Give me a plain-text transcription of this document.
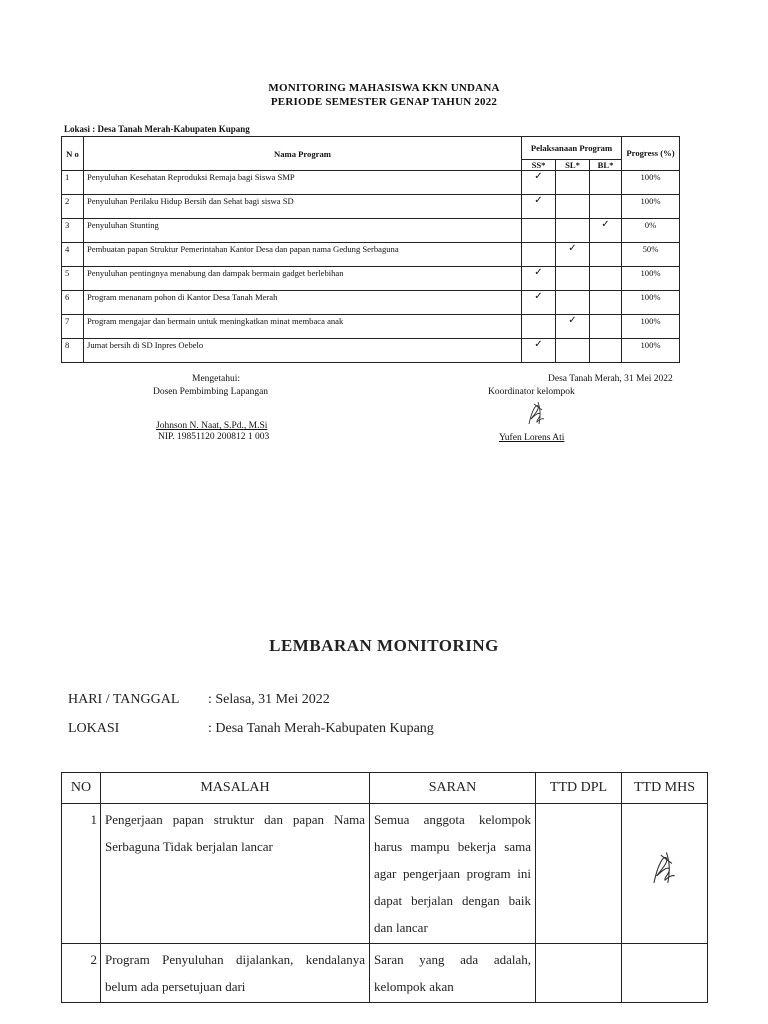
MONITORING MAHASISWA KKN UNDANA
PERIODE SEMESTER GENAP TAHUN 2022
Lokasi : Desa Tanah Merah-Kabupaten Kupang
N o	Nama Program	Pelaksanaan Program			Progress (%)
		SS*	SL*	BL*	
1	Penyuluhan Kesehatan Reproduksi Remaja bagi Siswa SMP	✓			100%
2	Penyuluhan Perilaku Hidup Bersih dan Sehat bagi siswa SD	✓			100%
3	Penyuluhan Stunting			✓	0%
4	Pembuatan papan Struktur Pemerintahan Kantor Desa dan papan nama Gedung Serbaguna		✓		50%
5	Penyuluhan pentingnya menabung dan dampak bermain gadget berlebihan	✓			100%
6	Program menanam pohon di Kantor Desa Tanah Merah	✓			100%
7	Program mengajar dan bermain untuk meningkatkan minat membaca anak		✓		100%
8	Jumat bersih di SD Inpres Oebelo	✓			100%
Mengetahui:
Dosen Pembimbing Lapangan
Johnson N. Naat, S.Pd., M.Si
NIP. 19851120 200812 1 003
Desa Tanah Merah, 31 Mei 2022
Koordinator kelompok
Yufen Lorens Ati
LEMBARAN MONITORING
HARI / TANGGAL : Selasa, 31 Mei 2022
LOKASI	: Desa Tanah Merah-Kabupaten Kupang
NO	MASALAH	SARAN	TTD DPL	TTD MHS
1	Pengerjaan papan struktur dan papan Nama Serbaguna Tidak berjalan lancar	Semua anggota kelompok harus mampu bekerja sama agar pengerjaan program ini dapat berjalan dengan baik dan lancar		
2	Program Penyuluhan dijalankan, kendalanya belum ada persetujuan dari	Saran yang ada adalah, kelompok akan		
